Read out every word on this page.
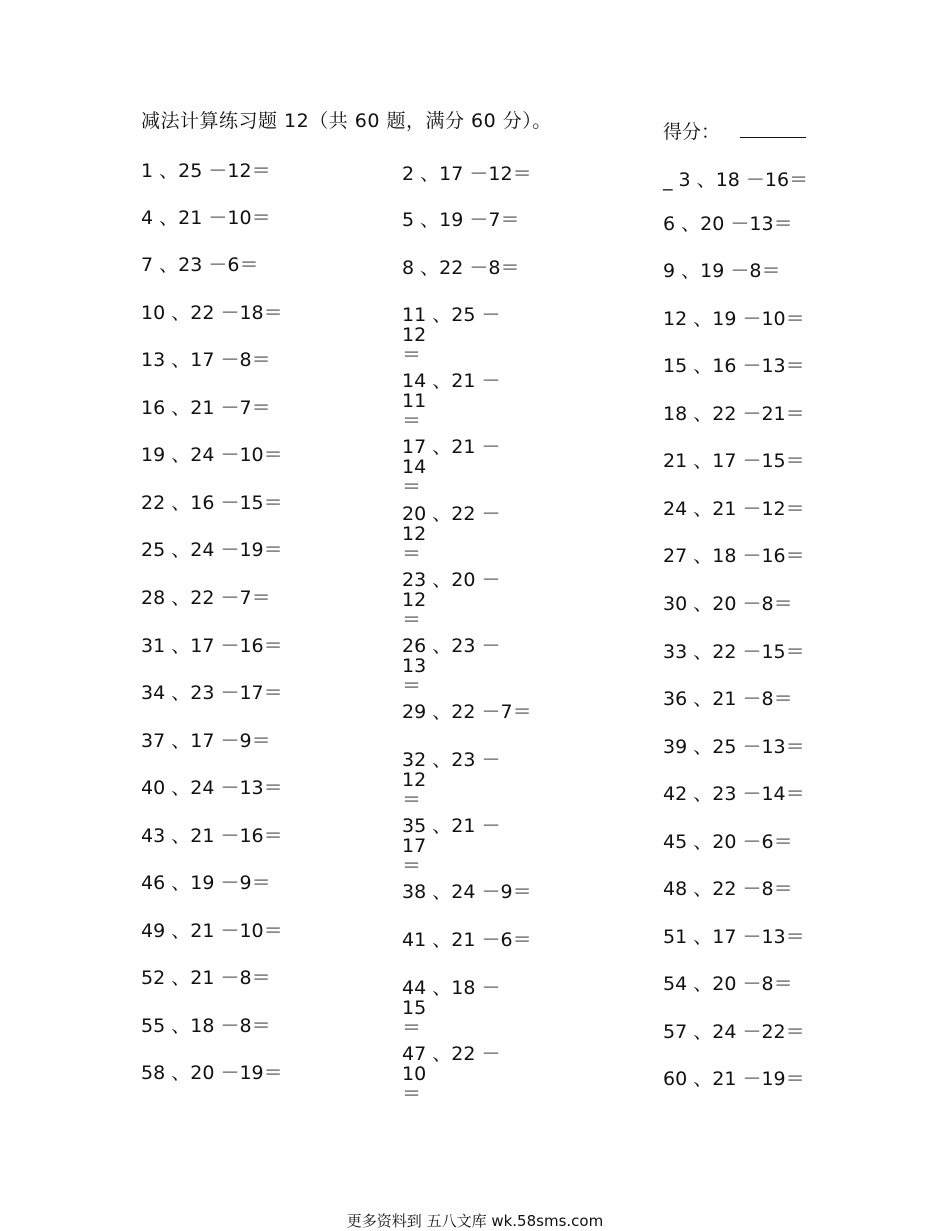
减法计算练习题 12（共 60 题，满分 60 分）。	得分：
更多资料到 五八文库 wk.58sms.com
1 、25 －12＝
4 、21 －10＝
7 、23 －6＝
10 、22 －18＝
13 、17 －8＝
16 、21 －7＝
19 、24 －10＝
22 、16 －15＝
25 、24 －19＝
28 、22 －7＝
31 、17 －16＝
34 、23 －17＝
37 、17 －9＝
40 、24 －13＝
43 、21 －16＝
46 、19 －9＝
49 、21 －10＝
52 、21 －8＝
55 、18 －8＝
58 、20 －19＝
2 、17 －12＝
5 、19 －7＝
8 、22 －8＝
11 、25 －12
＝
14 、21 －11
＝
17 、21 －14
＝
20 、22 －12
＝
23 、20 －12
＝
26 、23 －13
＝
29 、22 －7＝
32 、23 －12
＝
35 、21 －17
＝
38 、24 －9＝
41 、21 －6＝
44 、18 －15
＝
47 、22 －10
＝
_ 3 、18 －16＝
6 、20 －13＝
9 、19 －8＝
12 、19 －10＝
15 、16 －13＝
18 、22 －21＝
21 、17 －15＝
24 、21 －12＝
27 、18 －16＝
30 、20 －8＝
33 、22 －15＝
36 、21 －8＝
39 、25 －13＝
42 、23 －14＝
45 、20 －6＝
48 、22 －8＝
51 、17 －13＝
54 、20 －8＝
57 、24 －22＝
60 、21 －19＝
